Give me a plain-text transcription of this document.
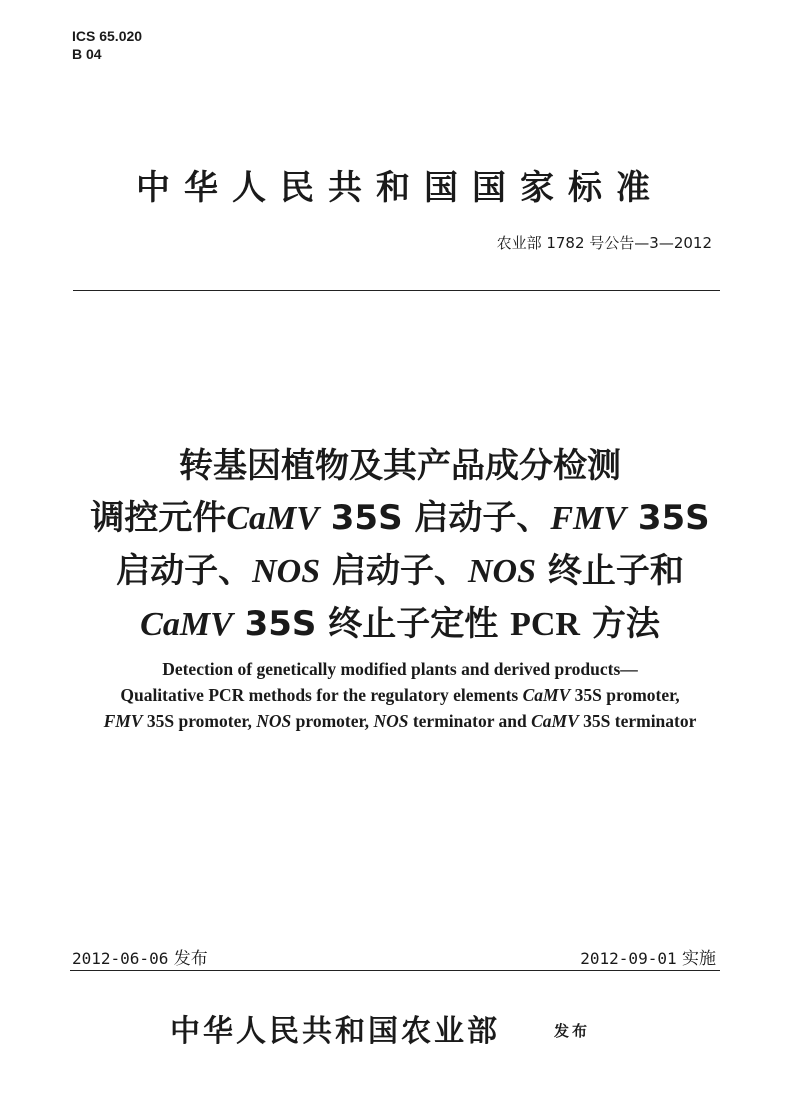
ICS 65.020
B 04
中华人民共和国国家标准
农业部 1782 号公告—3—2012
转基因植物及其产品成分检测
调控元件CaMV 35S 启动子、FMV 35S
启动子、NOS 启动子、NOS 终止子和
CaMV 35S 终止子定性 PCR 方法
Detection of genetically modified plants and derived products—
Qualitative PCR methods for the regulatory elements CaMV 35S promoter,
FMV 35S promoter, NOS promoter, NOS terminator and CaMV 35S terminator
2012-06-06 发布	2012-09-01 实施
中华人民共和国农业部	发布
